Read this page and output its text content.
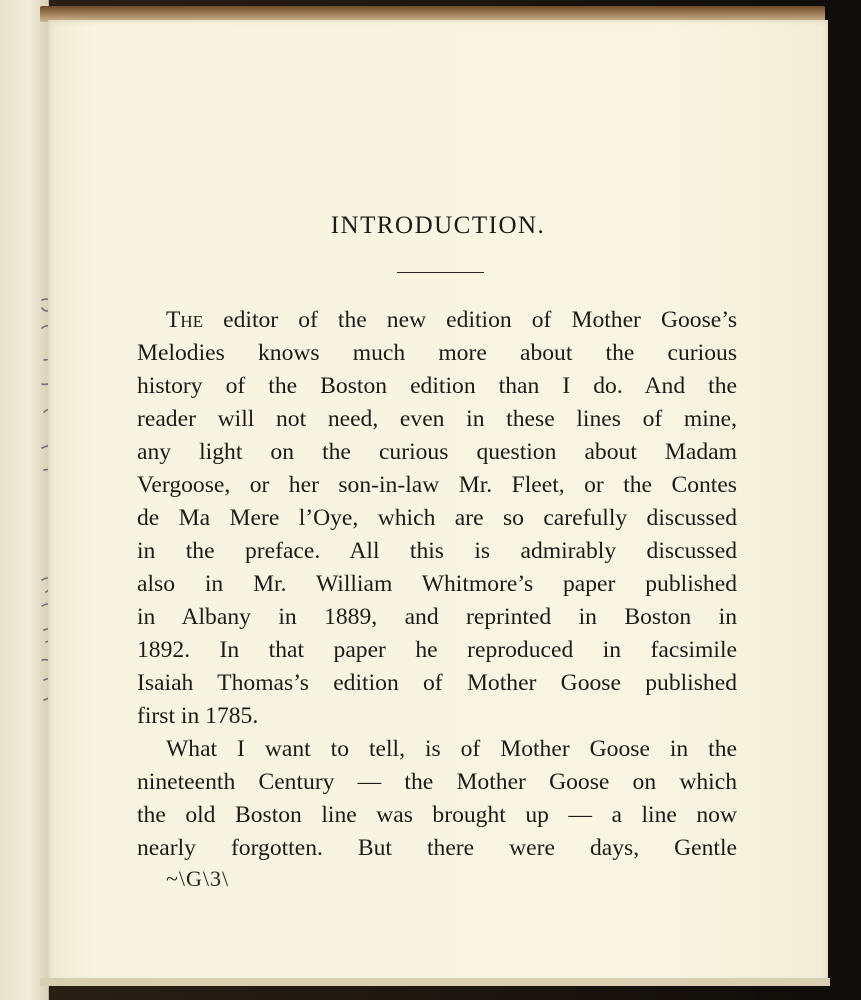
INTRODUCTION.
The editor of the new edition of Mother Goose’s
Melodies knows much more about the curious
history of the Boston edition than I do. And the
reader will not need, even in these lines of mine,
any light on the curious question about Madam
Vergoose, or her son-in-law Mr. Fleet, or the Contes
de Ma Mere l’Oye, which are so carefully discussed
in the preface. All this is admirably discussed
also in Mr. William Whitmore’s paper published
in Albany in 1889, and reprinted in Boston in
1892. In that paper he reproduced in facsimile
Isaiah Thomas’s edition of Mother Goose published
first in 1785.
What I want to tell, is of Mother Goose in the
nineteenth Century — the Mother Goose on which
the old Boston line was brought up — a line now
nearly forgotten. But there were days, Gentle
~\G\3\
